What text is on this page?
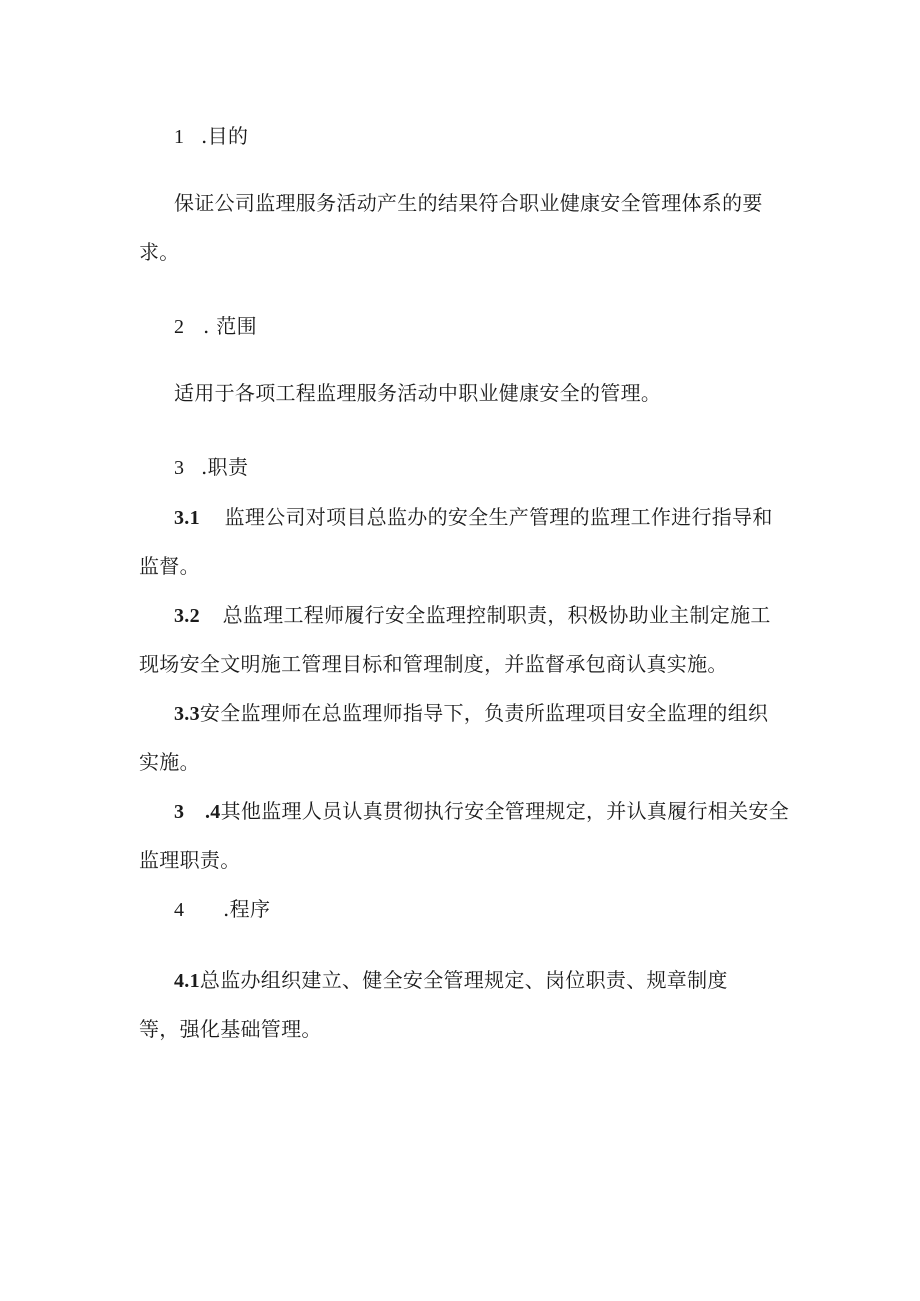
1 .目的
保证公司监理服务活动产生的结果符合职业健康安全管理体系的要
求。
2 . 范围
适用于各项工程监理服务活动中职业健康安全的管理。
3 .职责
3.1 监理公司对项目总监办的安全生产管理的监理工作进行指导和
监督。
3.2 总监理工程师履行安全监理控制职责，积极协助业主制定施工
现场安全文明施工管理目标和管理制度，并监督承包商认真实施。
3.3安全监理师在总监理师指导下，负责所监理项目安全监理的组织
实施。
3 .4其他监理人员认真贯彻执行安全管理规定，并认真履行相关安全
监理职责。
4 .程序
4.1总监办组织建立、健全安全管理规定、岗位职责、规章制度
等，强化基础管理。
